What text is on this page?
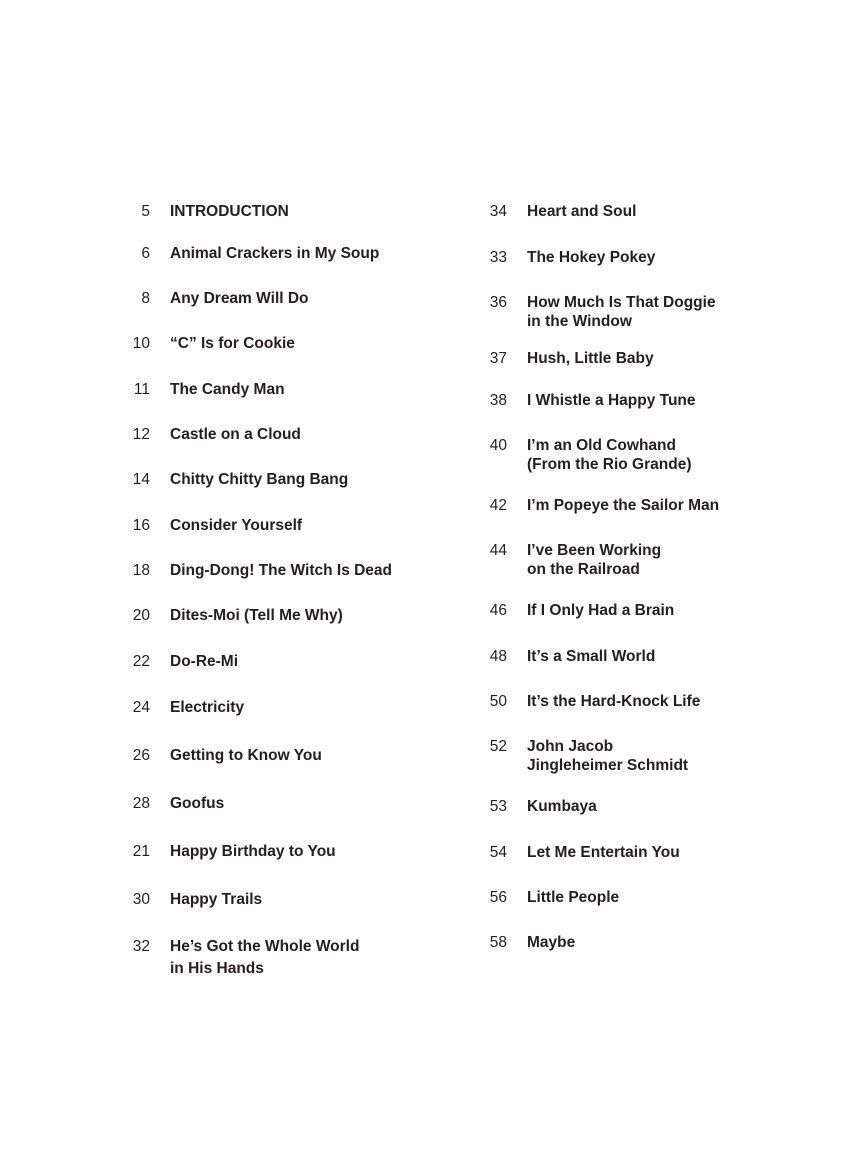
5 INTRODUCTION
6 Animal Crackers in My Soup
8 Any Dream Will Do
10 “C” Is for Cookie
11 The Candy Man
12 Castle on a Cloud
14 Chitty Chitty Bang Bang
16 Consider Yourself
18 Ding-Dong! The Witch Is Dead
20 Dites-Moi (Tell Me Why)
22 Do-Re-Mi
24 Electricity
26 Getting to Know You
28 Goofus
21 Happy Birthday to You
30 Happy Trails
32 He’s Got the Whole World
in His Hands
34 Heart and Soul
33 The Hokey Pokey
36 How Much Is That Doggie
in the Window
37 Hush, Little Baby
38 I Whistle a Happy Tune
40 I’m an Old Cowhand
(From the Rio Grande)
42 I’m Popeye the Sailor Man
44 I’ve Been Working
on the Railroad
46 If I Only Had a Brain
48 It’s a Small World
50 It’s the Hard-Knock Life
52 John Jacob
Jingleheimer Schmidt
53 Kumbaya
54 Let Me Entertain You
56 Little People
58 Maybe
